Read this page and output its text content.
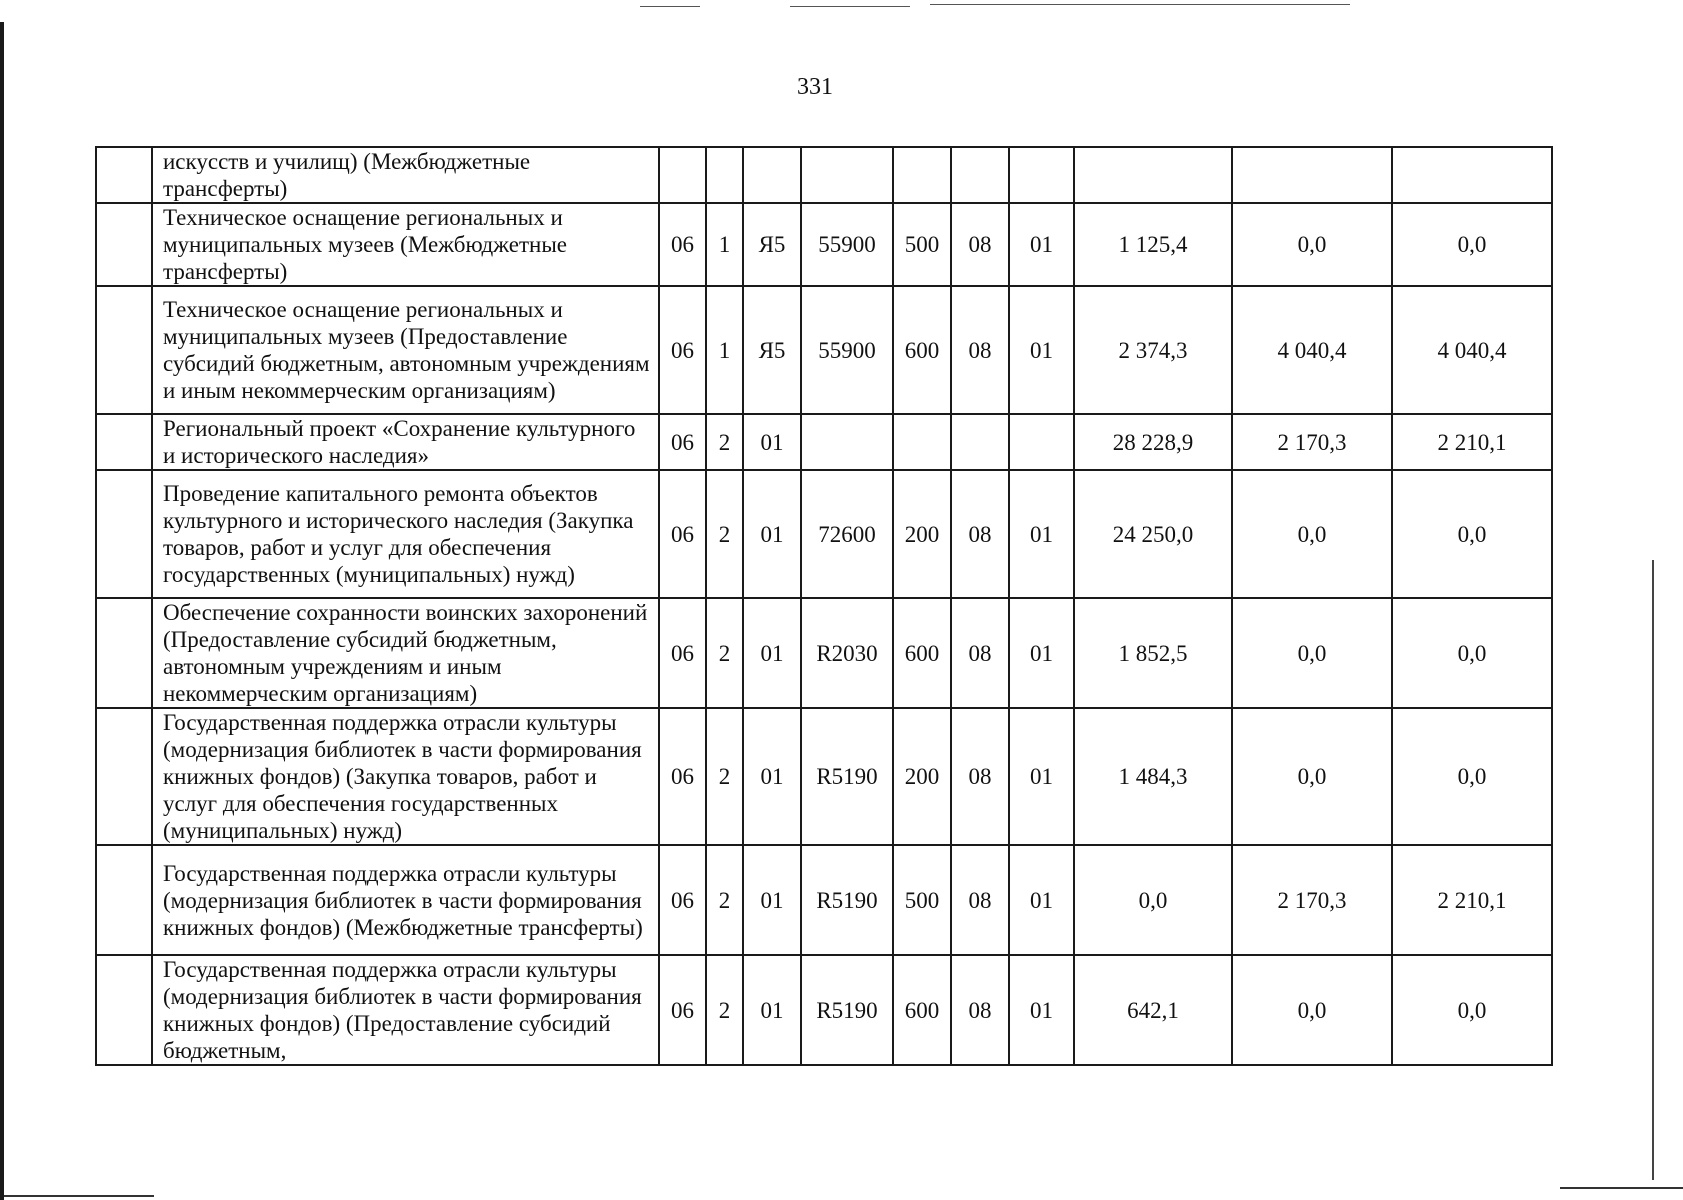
331
	искусств и училищ) (Межбюджетные трансферты)										
	Техническое оснащение региональных и муниципальных музеев (Межбюджетные трансферты)	06	1	Я5	55900	500	08	01	1 125,4	0,0	0,0
	Техническое оснащение региональных и муниципальных музеев (Предоставление субсидий бюджетным, автономным учреждениям и иным некоммерческим организациям)	06	1	Я5	55900	600	08	01	2 374,3	4 040,4	4 040,4
	Региональный проект «Сохранение культурного и исторического наследия»	06	2	01					28 228,9	2 170,3	2 210,1
	Проведение капитального ремонта объектов культурного и исторического наследия (Закупка товаров, работ и услуг для обеспечения государственных (муниципальных) нужд)	06	2	01	72600	200	08	01	24 250,0	0,0	0,0
	Обеспечение сохранности воинских захоронений (Предоставление субсидий бюджетным, автономным учреждениям и иным некоммерческим организациям)	06	2	01	R2030	600	08	01	1 852,5	0,0	0,0
	Государственная поддержка отрасли культуры (модернизация библиотек в части формирования книжных фондов) (Закупка товаров, работ и услуг для обеспечения государственных (муниципальных) нужд)	06	2	01	R5190	200	08	01	1 484,3	0,0	0,0
	Государственная поддержка отрасли культуры (модернизация библиотек в части формирования книжных фондов) (Межбюджетные трансферты)	06	2	01	R5190	500	08	01	0,0	2 170,3	2 210,1
	Государственная поддержка отрасли культуры (модернизация библиотек в части формирования книжных фондов) (Предоставление субсидий бюджетным,	06	2	01	R5190	600	08	01	642,1	0,0	0,0
